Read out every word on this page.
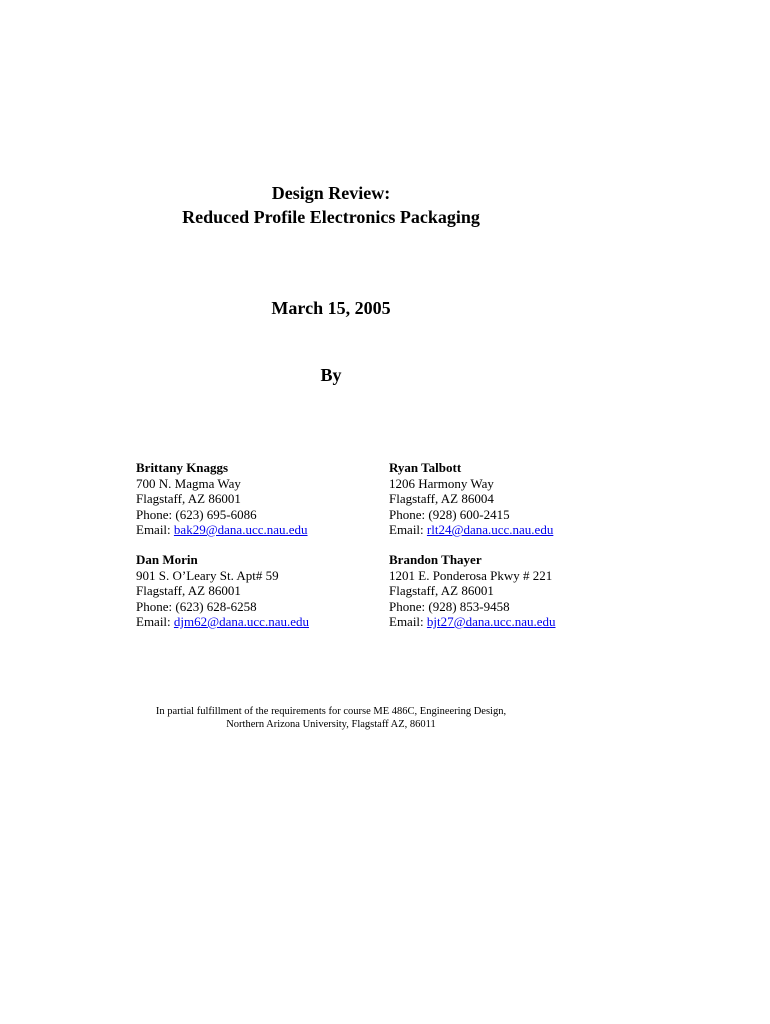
Design Review:
Reduced Profile Electronics Packaging
March 15, 2005
By
Brittany Knaggs
700 N. Magma Way
Flagstaff, AZ 86001
Phone: (623) 695-6086
Email: bak29@dana.ucc.nau.edu
Ryan Talbott
1206 Harmony Way
Flagstaff, AZ 86004
Phone: (928) 600-2415
Email: rlt24@dana.ucc.nau.edu
Dan Morin
901 S. O’Leary St. Apt# 59
Flagstaff, AZ 86001
Phone: (623) 628-6258
Email: djm62@dana.ucc.nau.edu
Brandon Thayer
1201 E. Ponderosa Pkwy # 221
Flagstaff, AZ 86001
Phone: (928) 853-9458
Email: bjt27@dana.ucc.nau.edu
In partial fulfillment of the requirements for course ME 486C, Engineering Design,
Northern Arizona University, Flagstaff AZ, 86011
